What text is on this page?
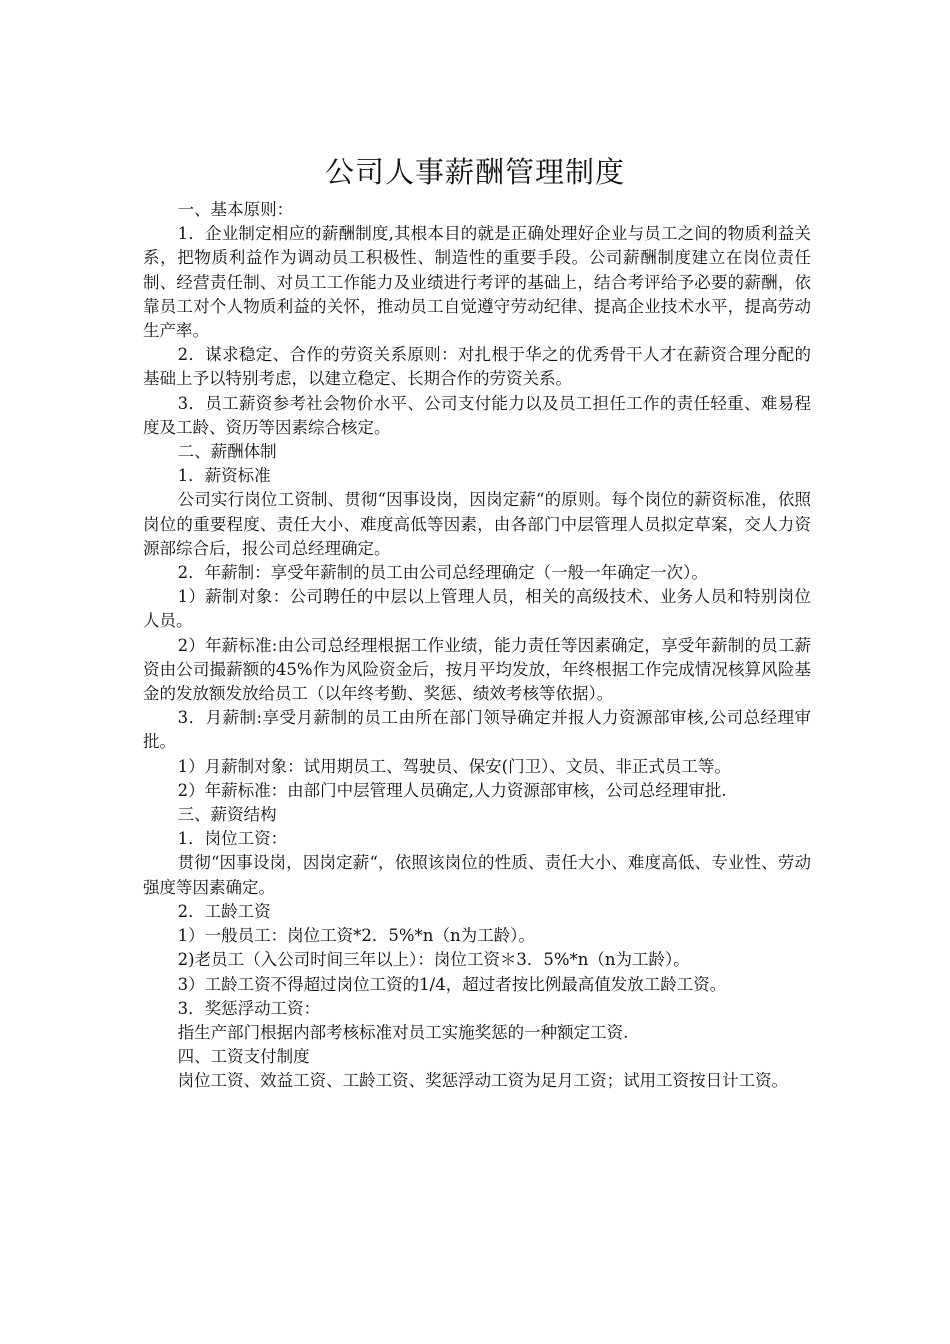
公司人事薪酬管理制度

一、基本原则：

1．企业制定相应的薪酬制度,其根本目的就是正确处理好企业与员工之间的物质利益关系，把物质利益作为调动员工积极性、制造性的重要手段。公司薪酬制度建立在岗位责任制、经营责任制、对员工工作能力及业绩进行考评的基础上，结合考评给予必要的薪酬，依靠员工对个人物质利益的关怀，推动员工自觉遵守劳动纪律、提高企业技术水平，提高劳动生产率。

2．谋求稳定、合作的劳资关系原则：对扎根于华之的优秀骨干人才在薪资合理分配的基础上予以特别考虑，以建立稳定、长期合作的劳资关系。

3．员工薪资参考社会物价水平、公司支付能力以及员工担任工作的责任轻重、难易程度及工龄、资历等因素综合核定。

二、薪酬体制

1．薪资标准

公司实行岗位工资制、贯彻“因事设岗，因岗定薪“的原则。每个岗位的薪资标准，依照岗位的重要程度、责任大小、难度高低等因素，由各部门中层管理人员拟定草案，交人力资源部综合后，报公司总经理确定。

2．年薪制：享受年薪制的员工由公司总经理确定（一般一年确定一次）。

1）薪制对象：公司聘任的中层以上管理人员，相关的高级技术、业务人员和特别岗位人员。

2）年薪标准:由公司总经理根据工作业绩，能力责任等因素确定，享受年薪制的员工薪资由公司撮薪额的45%作为风险资金后，按月平均发放，年终根据工作完成情况核算风险基金的发放额发放给员工（以年终考勤、奖惩、绩效考核等依据）。

3．月薪制:享受月薪制的员工由所在部门领导确定并报人力资源部审核,公司总经理审批。

1）月薪制对象：试用期员工、驾驶员、保安(门卫）、文员、非正式员工等。

2）年薪标准：由部门中层管理人员确定,人力资源部审核，公司总经理审批.

三、薪资结构

1．岗位工资：

贯彻“因事设岗，因岗定薪“，依照该岗位的性质、责任大小、难度高低、专业性、劳动强度等因素确定。

2．工龄工资

1）一般员工：岗位工资*2．5%*n（n为工龄）。

2)老员工（入公司时间三年以上）：岗位工资＊3．5%*n（n为工龄）。

3）工龄工资不得超过岗位工资的1/4，超过者按比例最高值发放工龄工资。

3．奖惩浮动工资：

指生产部门根据内部考核标准对员工实施奖惩的一种额定工资.

四、工资支付制度

岗位工资、效益工资、工龄工资、奖惩浮动工资为足月工资；试用工资按日计工资。
